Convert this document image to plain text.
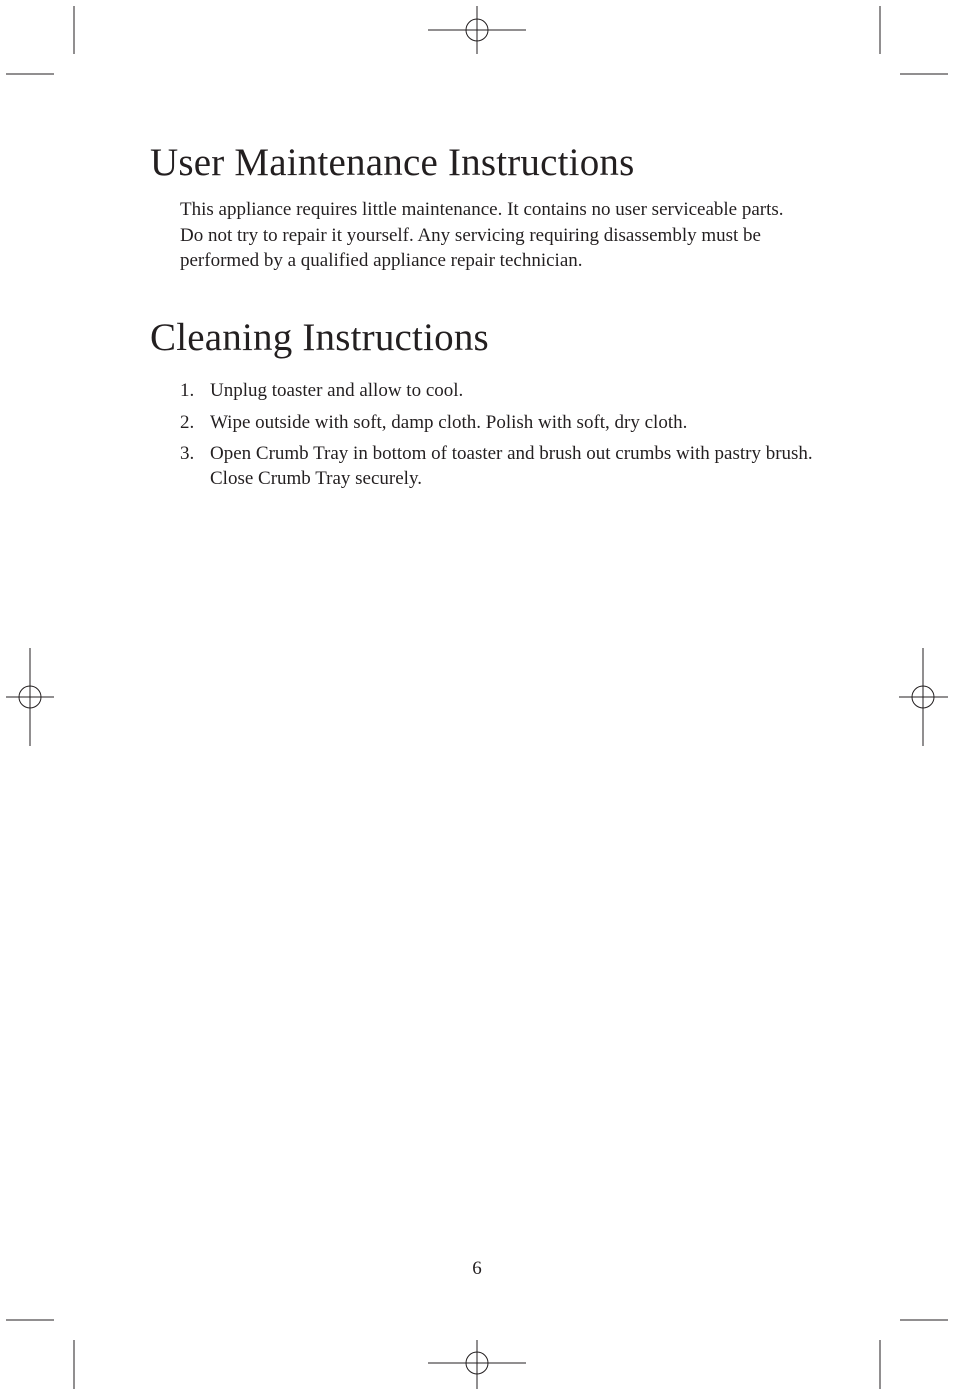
User Maintenance Instructions

This appliance requires little maintenance. It contains no user serviceable parts. Do not try to repair it yourself. Any servicing requiring disassembly must be performed by a qualified appliance repair technician.

Cleaning Instructions
1. Unplug toaster and allow to cool.
2. Wipe outside with soft, damp cloth. Polish with soft, dry cloth.
3. Open Crumb Tray in bottom of toaster and brush out crumbs with pastry brush. Close Crumb Tray securely.
6
